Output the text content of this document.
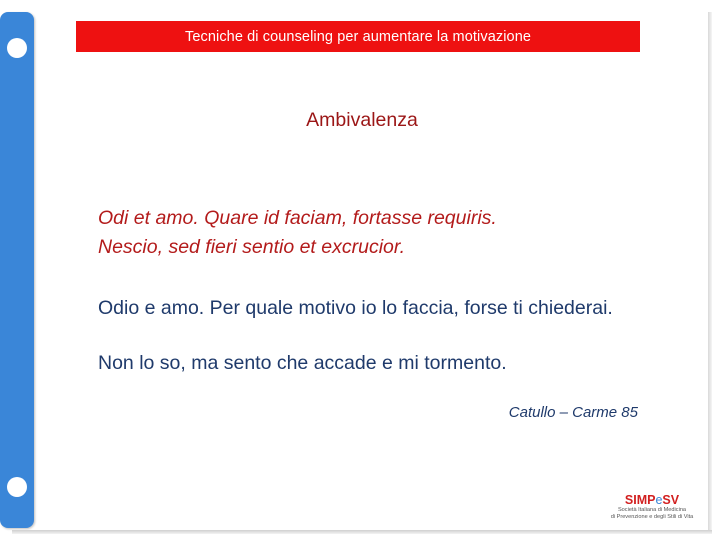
Tecniche di counseling per aumentare la motivazione
Ambivalenza
Odi et amo. Quare id faciam, fortasse requiris.
Nescio, sed fieri sentio et excrucior.
Odio e amo. Per quale motivo io lo faccia, forse ti chiederai.
Non lo so, ma sento che accade e mi tormento.
Catullo – Carme 85
SIMPeSV
Società Italiana di Medicina
di Prevenzione e degli Stili di Vita
